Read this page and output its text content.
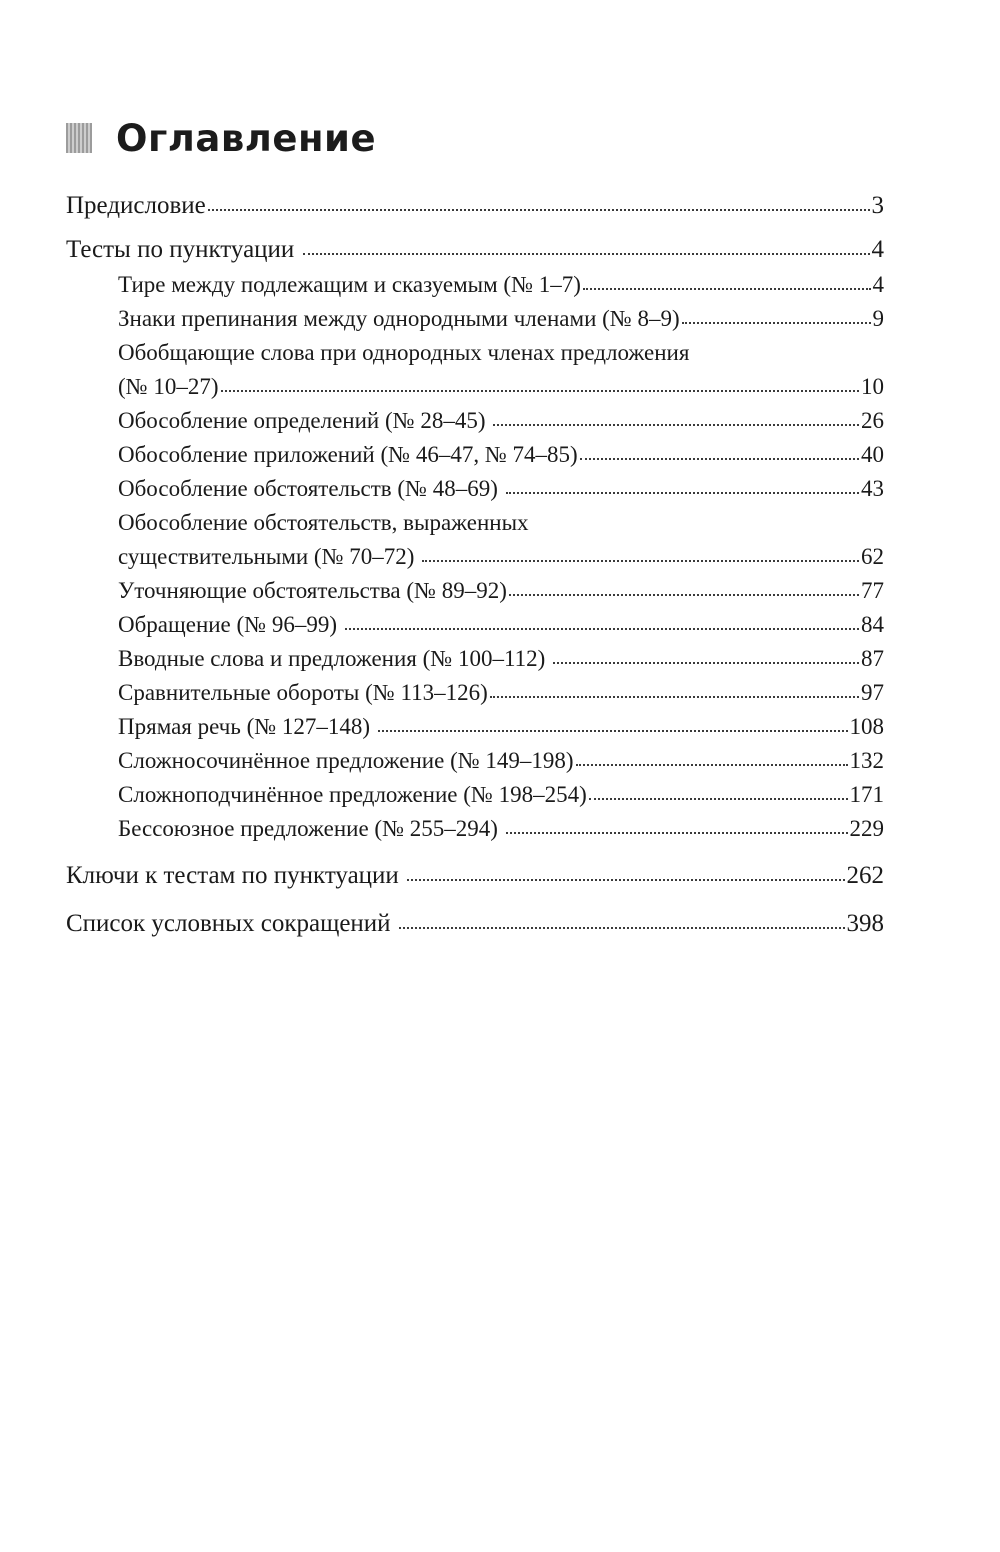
Оглавление
Предисловие	3
Тесты по пунктуации	4
Тире между подлежащим и сказуемым (№ 1–7)	4
Знаки препинания между однородными членами (№ 8–9)	9
Обобщающие слова при однородных членах предложения
(№ 10–27)	10
Обособление определений (№ 28–45)	26
Обособление приложений (№ 46–47, № 74–85)	40
Обособление обстоятельств (№ 48–69)	43
Обособление обстоятельств, выраженных
существительными (№ 70–72)	62
Уточняющие обстоятельства (№ 89–92)	77
Обращение (№ 96–99)	84
Вводные слова и предложения (№ 100–112)	87
Сравнительные обороты (№ 113–126)	97
Прямая речь (№ 127–148)	108
Сложносочинённое предложение (№ 149–198)	132
Сложноподчинённое предложение (№ 198–254)	171
Бессоюзное предложение (№ 255–294)	229
Ключи к тестам по пунктуации	262
Список условных сокращений	398
